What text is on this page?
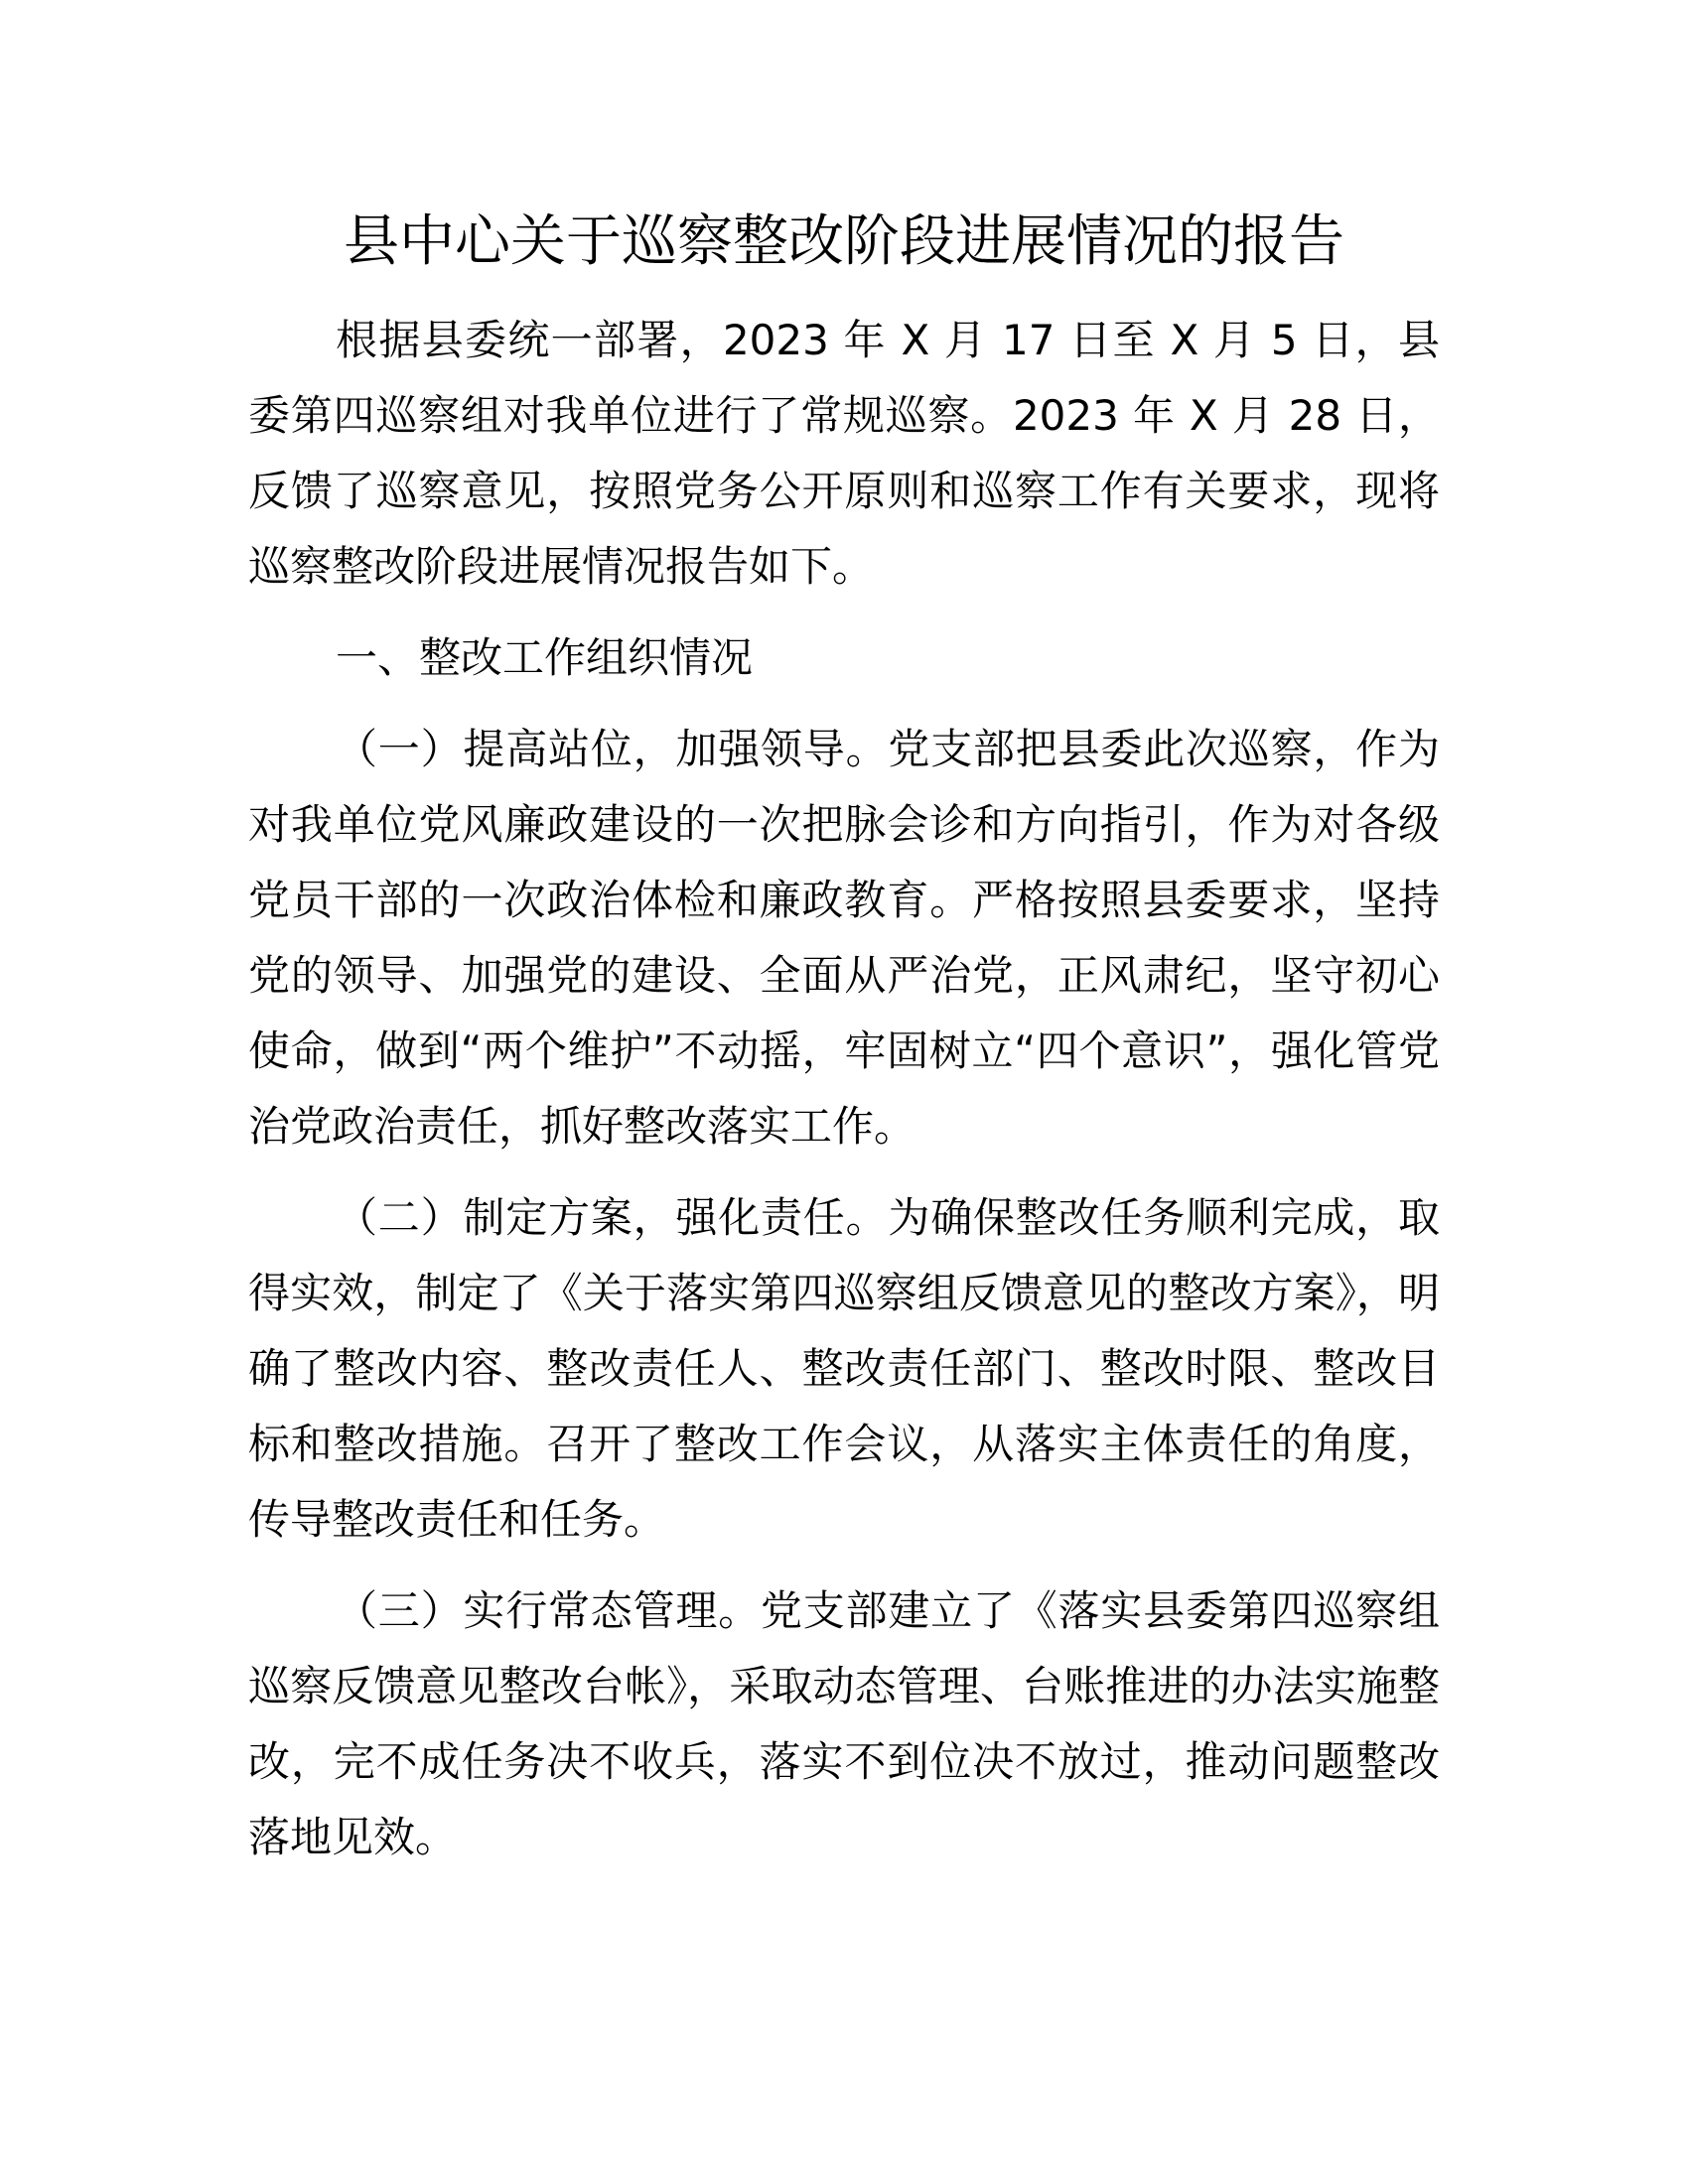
县中心关于巡察整改阶段进展情况的报告

根据县委统一部署，2023 年 X 月 17 日至 X 月 5 日，县委第四巡察组对我单位进行了常规巡察。2023 年 X 月 28 日，反馈了巡察意见，按照党务公开原则和巡察工作有关要求，现将巡察整改阶段进展情况报告如下。

一、整改工作组织情况

（一）提高站位，加强领导。党支部把县委此次巡察，作为对我单位党风廉政建设的一次把脉会诊和方向指引，作为对各级党员干部的一次政治体检和廉政教育。严格按照县委要求，坚持党的领导、加强党的建设、全面从严治党，正风肃纪，坚守初心使命，做到“两个维护”不动摇，牢固树立“四个意识”，强化管党治党政治责任，抓好整改落实工作。

（二）制定方案，强化责任。为确保整改任务顺利完成，取得实效，制定了《关于落实第四巡察组反馈意见的整改方案》，明确了整改内容、整改责任人、整改责任部门、整改时限、整改目标和整改措施。召开了整改工作会议，从落实主体责任的角度，传导整改责任和任务。

（三）实行常态管理。党支部建立了《落实县委第四巡察组巡察反馈意见整改台帐》，采取动态管理、台账推进的办法实施整改，完不成任务决不收兵，落实不到位决不放过，推动问题整改落地见效。
